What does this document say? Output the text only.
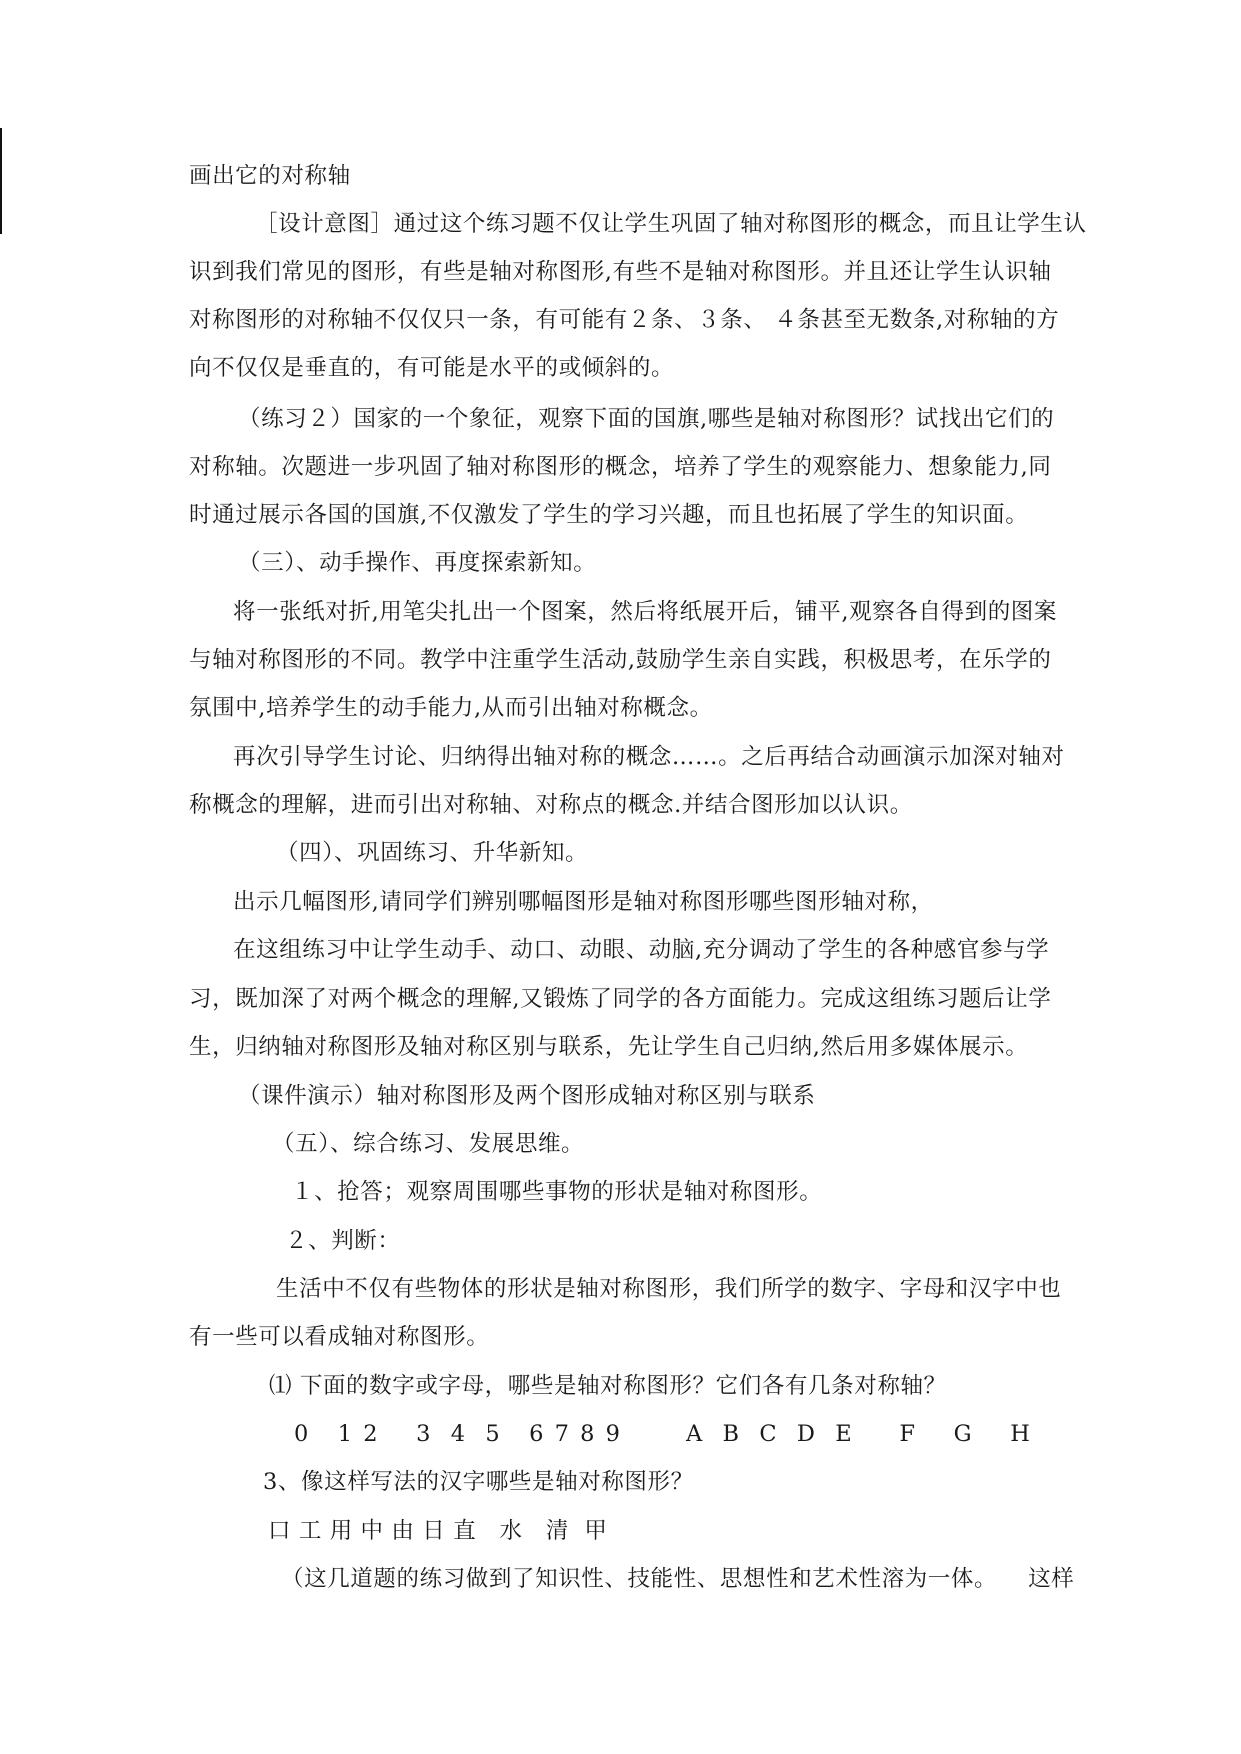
画出它的对称轴
［设计意图］通过这个练习题不仅让学生巩固了轴对称图形的概念，而且让学生认
识到我们常见的图形，有些是轴对称图形,有些不是轴对称图形。并且还让学生认识轴
对称图形的对称轴不仅仅只一条，有可能有２条、３条、 ４条甚至无数条,对称轴的方
向不仅仅是垂直的，有可能是水平的或倾斜的。
（练习２）国家的一个象征，观察下面的国旗,哪些是轴对称图形？试找出它们的
对称轴。次题进一步巩固了轴对称图形的概念，培养了学生的观察能力、想象能力,同
时通过展示各国的国旗,不仅激发了学生的学习兴趣，而且也拓展了学生的知识面。
（三）、动手操作、再度探索新知。
将一张纸对折,用笔尖扎出一个图案，然后将纸展开后，铺平,观察各自得到的图案
与轴对称图形的不同。教学中注重学生活动,鼓励学生亲自实践，积极思考，在乐学的
氛围中,培养学生的动手能力,从而引出轴对称概念。
再次引导学生讨论、归纳得出轴对称的概念……。之后再结合动画演示加深对轴对
称概念的理解，进而引出对称轴、对称点的概念.并结合图形加以认识。
（四）、巩固练习、升华新知。
出示几幅图形,请同学们辨别哪幅图形是轴对称图形哪些图形轴对称，
在这组练习中让学生动手、动口、动眼、动脑,充分调动了学生的各种感官参与学
习，既加深了对两个概念的理解,又锻炼了同学的各方面能力。完成这组练习题后让学
生，归纳轴对称图形及轴对称区别与联系，先让学生自己归纳,然后用多媒体展示。
（课件演示）轴对称图形及两个图形成轴对称区别与联系
（五）、综合练习、发展思维。
１、抢答；观察周围哪些事物的形状是轴对称图形。
２、判断：
生活中不仅有些物体的形状是轴对称图形，我们所学的数字、字母和汉字中也
有一些可以看成轴对称图形。
⑴ 下面的数字或字母，哪些是轴对称图形？它们各有几条对称轴？
0   1 2    3  4  5   6 7 8 9       A  B  C  D  E     F    G    H
3、像这样写法的汉字哪些是轴对称图形？
口 工 用 中 由 日 直   水   清  甲
（这几道题的练习做到了知识性、技能性、思想性和艺术性溶为一体。    这样
